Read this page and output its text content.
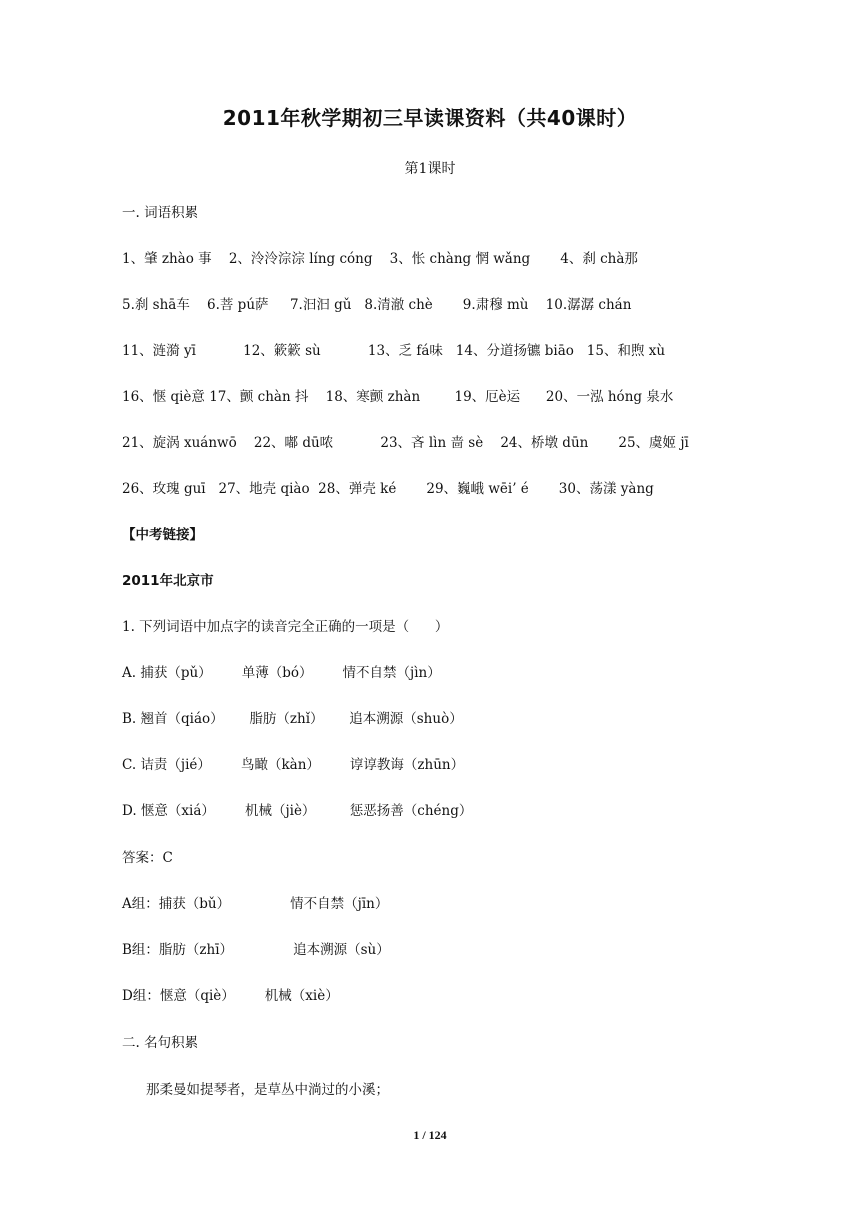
2011年秋学期初三早读课资料（共40课时）
第1课时
一. 词语积累
1、肇 zhào 事    2、泠泠淙淙 líng cóng    3、怅 chàng 惘 wǎng       4、刹 chà那
5.刹 shā车    6.菩 pú萨     7.汩汩 gǔ   8.清澈 chè       9.肃穆 mù    10.潺潺 chán
11、涟漪 yī           12、簌簌 sù           13、乏 fá味   14、分道扬镳 biāo   15、和煦 xù
16、惬 qiè意 17、颤 chàn 抖    18、寒颤 zhàn        19、厄è运      20、一泓 hóng 泉水
21、旋涡 xuánwō    22、嘟 dū哝           23、吝 lìn 啬 sè    24、桥墩 dūn       25、虞姬 jī
26、玫瑰 guī   27、地壳 qiào  28、弹壳 ké       29、巍峨 wēi’ é       30、荡漾 yàng
【中考链接】
2011年北京市
1. 下列词语中加点字的读音完全正确的一项是（      ）
A. 捕获（pǔ）       单薄（bó）       情不自禁（jìn）
B. 翘首（qiáo）      脂肪（zhǐ）      追本溯源（shuò）
C. 诘责（jié）       鸟瞰（kàn）       谆谆教诲（zhūn）
D. 惬意（xiá）       机械（jiè）        惩恶扬善（chéng）
答案：C
A组：捕获（bǔ）              情不自禁（jīn）
B组：脂肪（zhī）              追本溯源（sù）
D组：惬意（qiè）       机械（xiè）
二. 名句积累
那柔曼如提琴者，是草丛中淌过的小溪；
1 / 124
